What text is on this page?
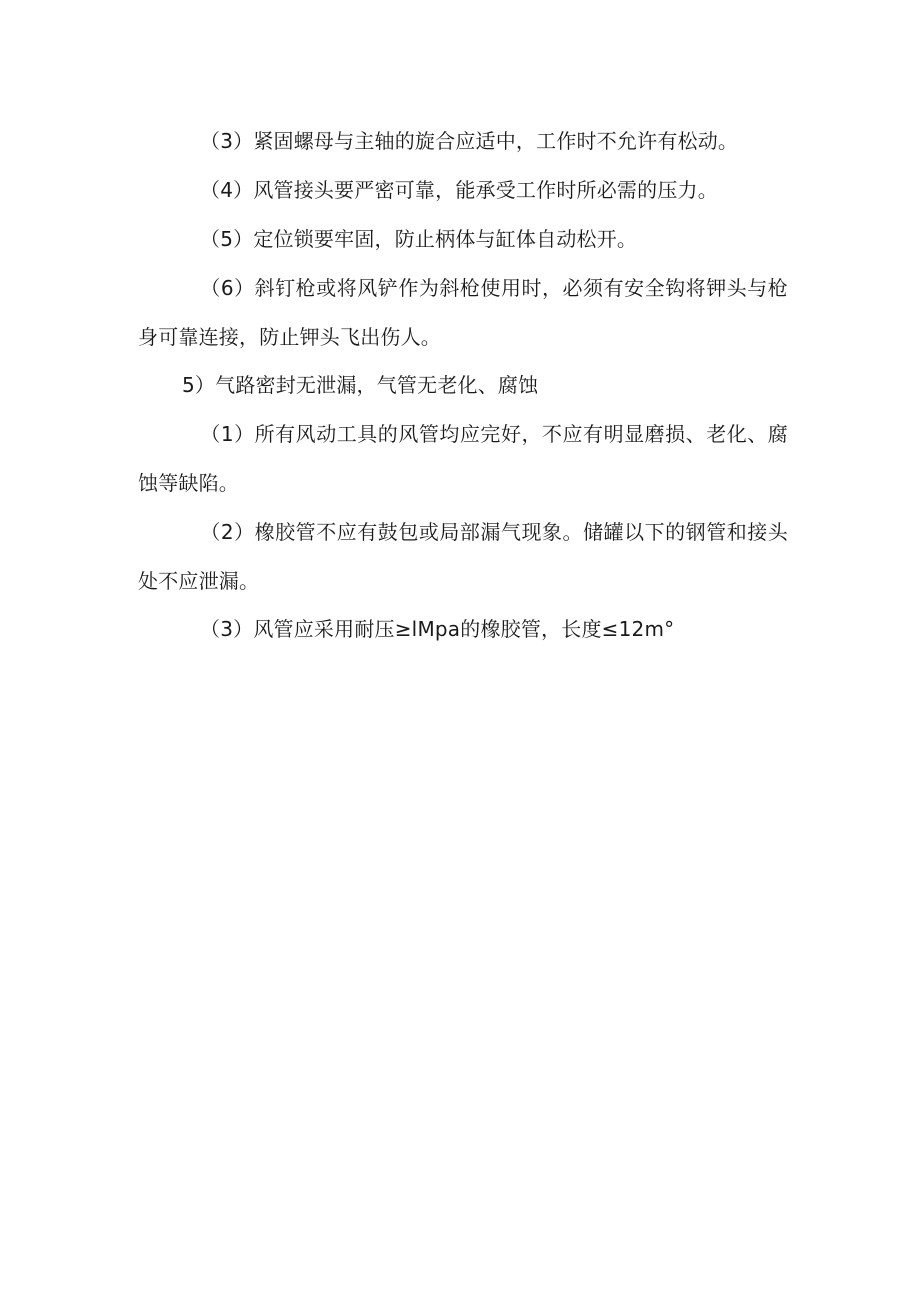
（3）紧固螺母与主轴的旋合应适中，工作时不允许有松动。
（4）风管接头要严密可靠，能承受工作时所必需的压力。
（5）定位锁要牢固，防止柄体与缸体自动松开。
（6）斜钉枪或将风铲作为斜枪使用时，必须有安全钩将钾头与枪身可靠连接，防止钾头飞出伤人。
5）气路密封无泄漏，气管无老化、腐蚀
（1）所有风动工具的风管均应完好，不应有明显磨损、老化、腐蚀等缺陷。
（2）橡胶管不应有鼓包或局部漏气现象。储罐以下的钢管和接头处不应泄漏。
（3）风管应采用耐压≥lMpa的橡胶管，长度≤12m°
